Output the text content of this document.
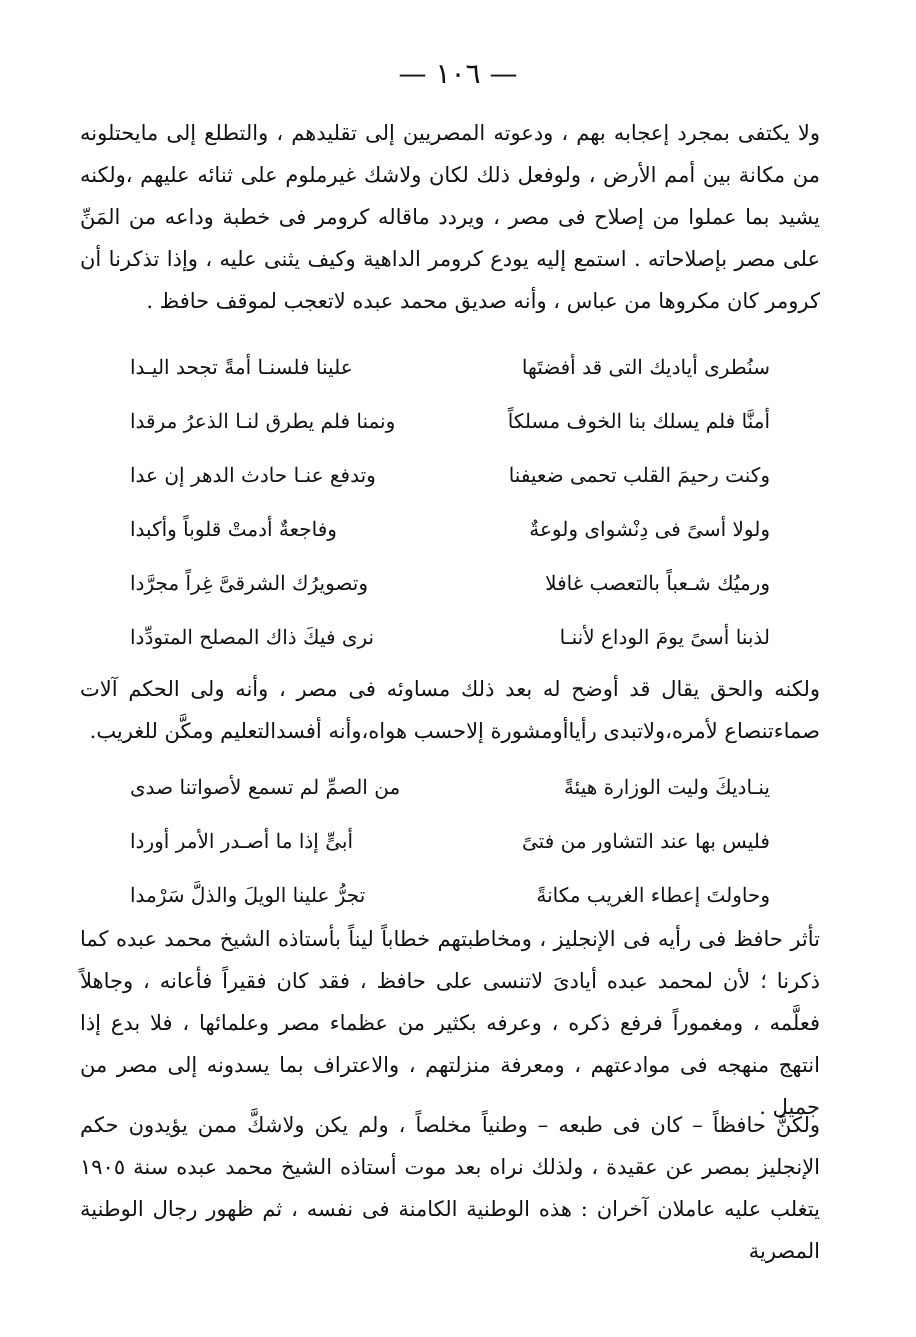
— ١٠٦ —

ولا يكتفى بمجرد إعجابه بهم ، ودعوته المصريين إلى تقليدهم ، والتطلع إلى مايحتلونه من مكانة بين أمم الأرض ، ولوفعل ذلك لكان ولاشك غيرملوم على ثنائه عليهم ،ولكنه يشيد بما عملوا من إصلاح فى مصر ، ويردد ماقاله كرومر فى خطبة وداعه من المَنِّ على مصر بإصلاحاته . استمع إليه يودع كرومر الداهية وكيف يثنى عليه ، وإذا تذكرنا أن كرومر كان مكروها من عباس ، وأنه صديق محمد عبده لاتعجب لموقف حافظ .

سنُطرى أياديك التى قد أفضتَها
علينا فلسنـا أمةً تجحد اليـدا
أمنَّا فلم يسلك بنا الخوف مسلكاً
ونمنا فلم يطرق لنـا الذعرُ مرقدا
وكنت رحيمَ القلب تحمى ضعيفنا
وتدفع عنـا حادث الدهر إن عدا
ولولا أسىً فى دِنْشواى ولوعةٌ
وفاجعةٌ أدمتْ قلوباً وأكبدا
ورميُك شـعباً بالتعصب غافلا
وتصويرُك الشرقىَّ غِراً مجرَّدا
لذبنا أسىً يومَ الوداع لأننـا
نرى فيكَ ذاك المصلح المتودِّدا

ولكنه والحق يقال قد أوضح له بعد ذلك مساوئه فى مصر ، وأنه ولى الحكم آلات صماءتنصاع لأمره،ولاتبدى رأياأومشورة إلاحسب هواه،وأنه أفسدالتعليم ومكَّن للغريب.

ينـاديكَ وليت الوزارة هيئةً
من الصمِّ لم تسمع لأصواتنا صدى
فليس بها عند التشاور من فتىً
أبىٍّ إذا ما أصـدر الأمر أوردا
وحاولتَ إعطاء الغريب مكانةً
تجرُّ علينا الويلَ والذلَّ سَرْمدا

تأثر حافظ فى رأيه فى الإنجليز ، ومخاطبتهم خطاباً ليناً بأستاذه الشيخ محمد عبده كما ذكرنا ؛ لأن لمحمد عبده أيادىَ لاتنسى على حافظ ، فقد كان فقيراً فأعانه ، وجاهلاً فعلَّمه ، ومغموراً فرفع ذكره ، وعرفه بكثير من عظماء مصر وعلمائها ، فلا بدع إذا انتهج منهجه فى موادعتهم ، ومعرفة منزلتهم ، والاعتراف بما يسدونه إلى مصر من جميل .

ولكنَّ حافظاً – كان فى طبعه – وطنياً مخلصاً ، ولم يكن ولاشكَّ ممن يؤيدون حكم الإنجليز بمصر عن عقيدة ، ولذلك نراه بعد موت أستاذه الشيخ محمد عبده سنة ١٩٠٥ يتغلب عليه عاملان آخران : هذه الوطنية الكامنة فى نفسه ، ثم ظهور رجال الوطنية المصرية
